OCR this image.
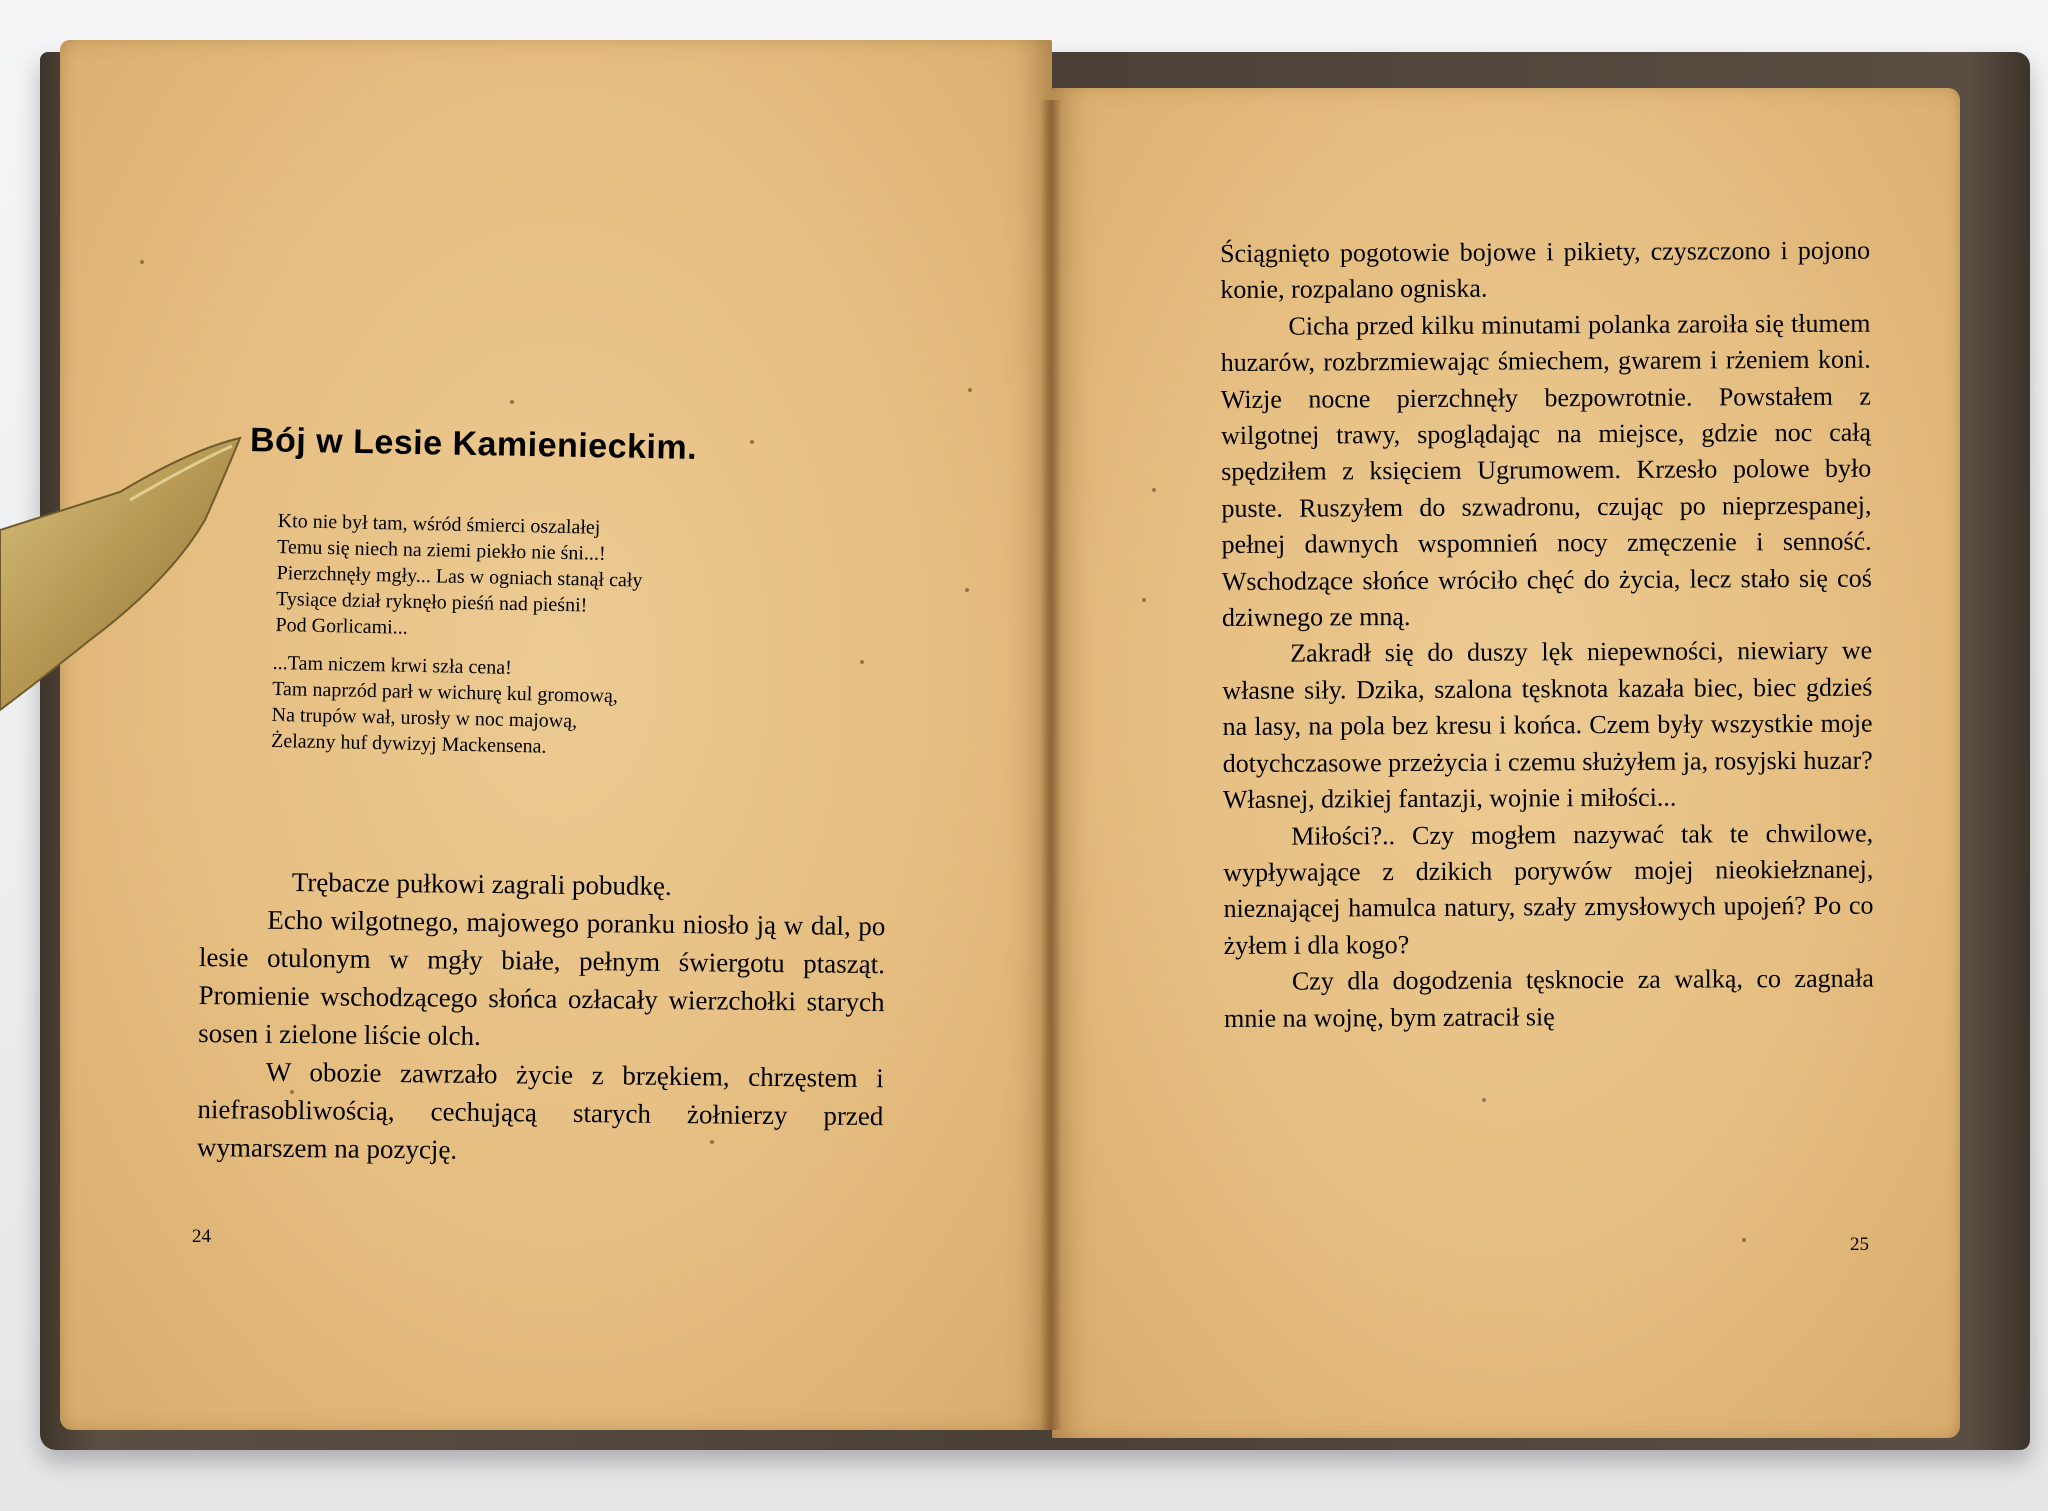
Bój w Lesie Kamienieckim.
Kto nie był tam, wśród śmierci oszalałej
Temu się niech na ziemi piekło nie śni...!
Pierzchnęły mgły... Las w ogniach stanął cały
Tysiące dział ryknęło pieśń nad pieśni!
Pod Gorlicami...
...Tam niczem krwi szła cena!
Tam naprzód parł w wichurę kul gromową,
Na trupów wał, urosły w noc majową,
Żelazny huf dywizyj Mackensena.

Trębacze pułkowi zagrali pobudkę.

Echo wilgotnego, majowego poranku niosło ją w dal, po lesie otulonym w mgły białe, pełnym świergotu ptasząt. Promienie wschodzącego słońca ozłacały wierzchołki starych sosen i zielone liście olch.

W obozie zawrzało życie z brzękiem, chrzęstem i niefrasobliwością, cechującą starych żołnierzy przed wymarszem na pozycję.

24

Ściągnięto pogotowie bojowe i pikiety, czyszczono i pojono konie, rozpalano ogniska.

Cicha przed kilku minutami polanka zaroiła się tłumem huzarów, rozbrzmiewając śmiechem, gwarem i rżeniem koni. Wizje nocne pierzchnęły bezpowrotnie. Powstałem z wilgotnej trawy, spoglądając na miejsce, gdzie noc całą spędziłem z księciem Ugrumowem. Krzesło polowe było puste. Ruszyłem do szwadronu, czując po nieprzespanej, pełnej dawnych wspomnień nocy zmęczenie i senność. Wschodzące słońce wróciło chęć do życia, lecz stało się coś dziwnego ze mną.

Zakradł się do duszy lęk niepewności, niewiary we własne siły. Dzika, szalona tęsknota kazała biec, biec gdzieś na lasy, na pola bez kresu i końca. Czem były wszystkie moje dotychczasowe przeżycia i czemu służyłem ja, rosyjski huzar? Własnej, dzikiej fantazji, wojnie i miłości...

Miłości?.. Czy mogłem nazywać tak te chwilowe, wypływające z dzikich porywów mojej nieokiełznanej, nieznającej hamulca natury, szały zmysłowych upojeń? Po co żyłem i dla kogo?

Czy dla dogodzenia tęsknocie za walką, co zagnała mnie na wojnę, bym zatracił się

25
